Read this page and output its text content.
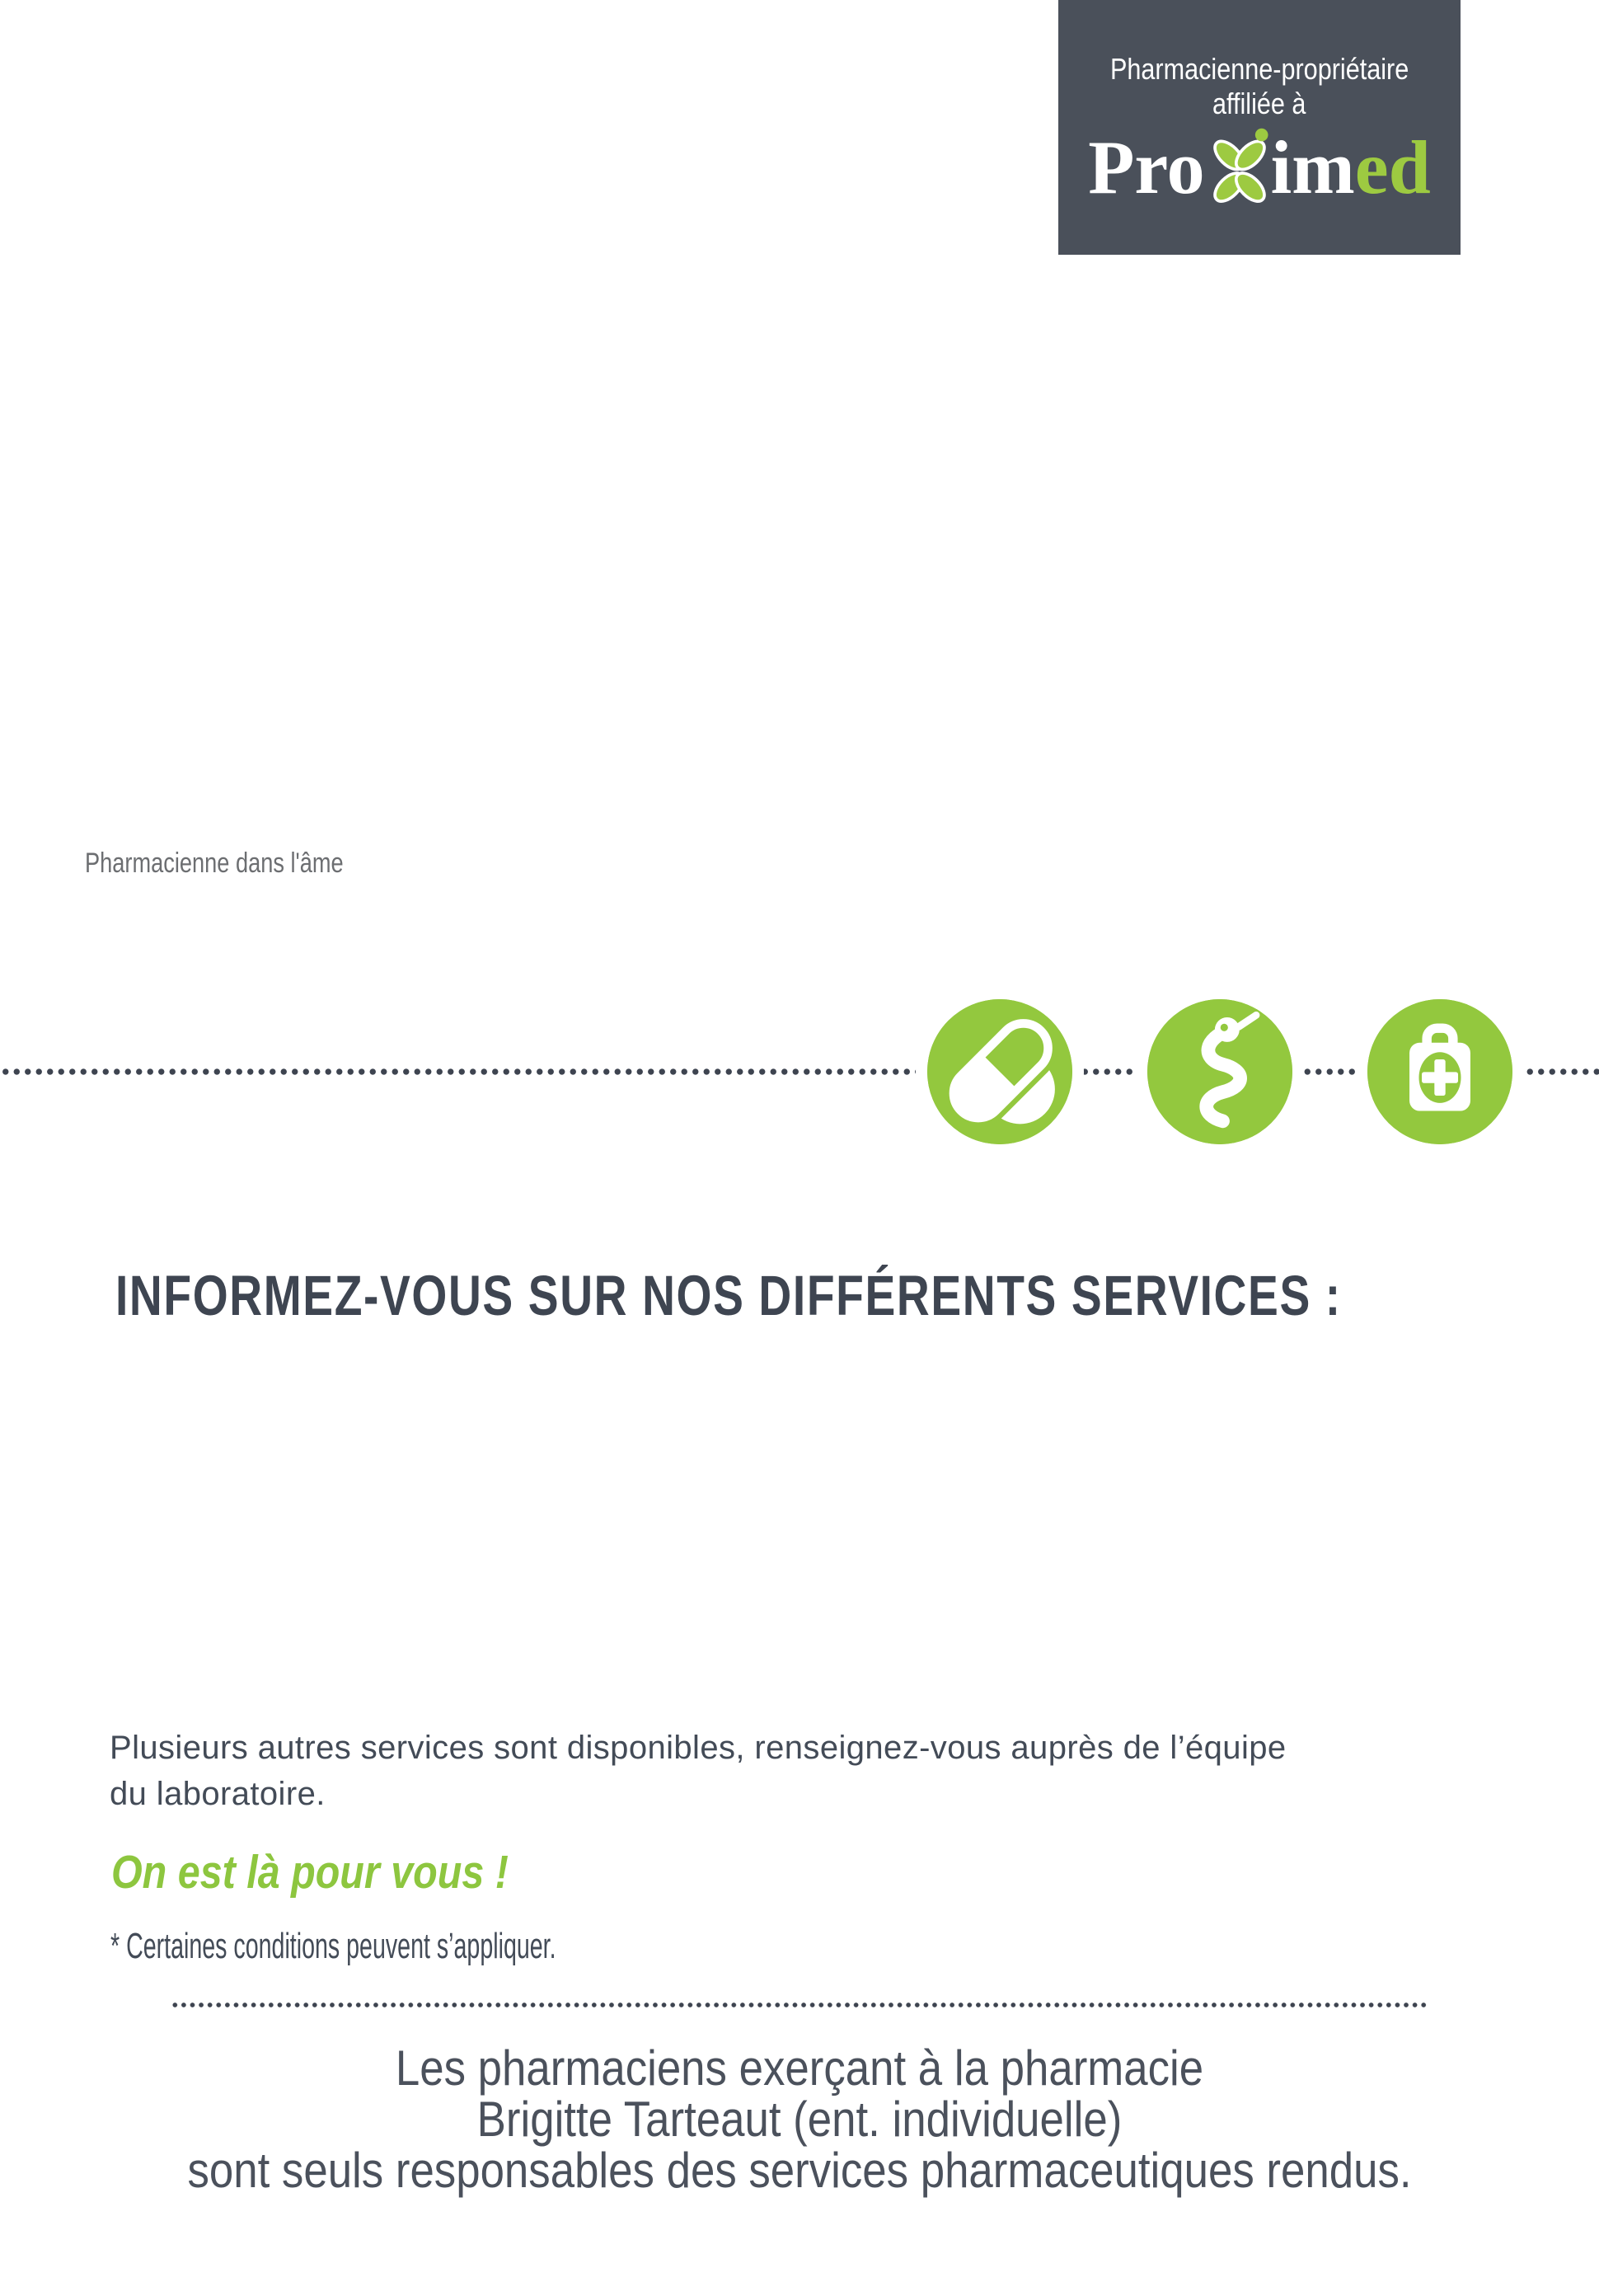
Pharmacienne-propriétaire
affiliée à
Pro im ed
Pharmacienne dans l'âme
INFORMEZ-VOUS SUR NOS DIFFÉRENTS SERVICES :
Plusieurs autres services sont disponibles, renseignez-vous auprès de l’équipe
du laboratoire.
On est là pour vous !
* Certaines conditions peuvent s’appliquer.
Les pharmaciens exerçant à la pharmacie
Brigitte Tarteaut (ent. individuelle)
sont seuls responsables des services pharmaceutiques rendus.
